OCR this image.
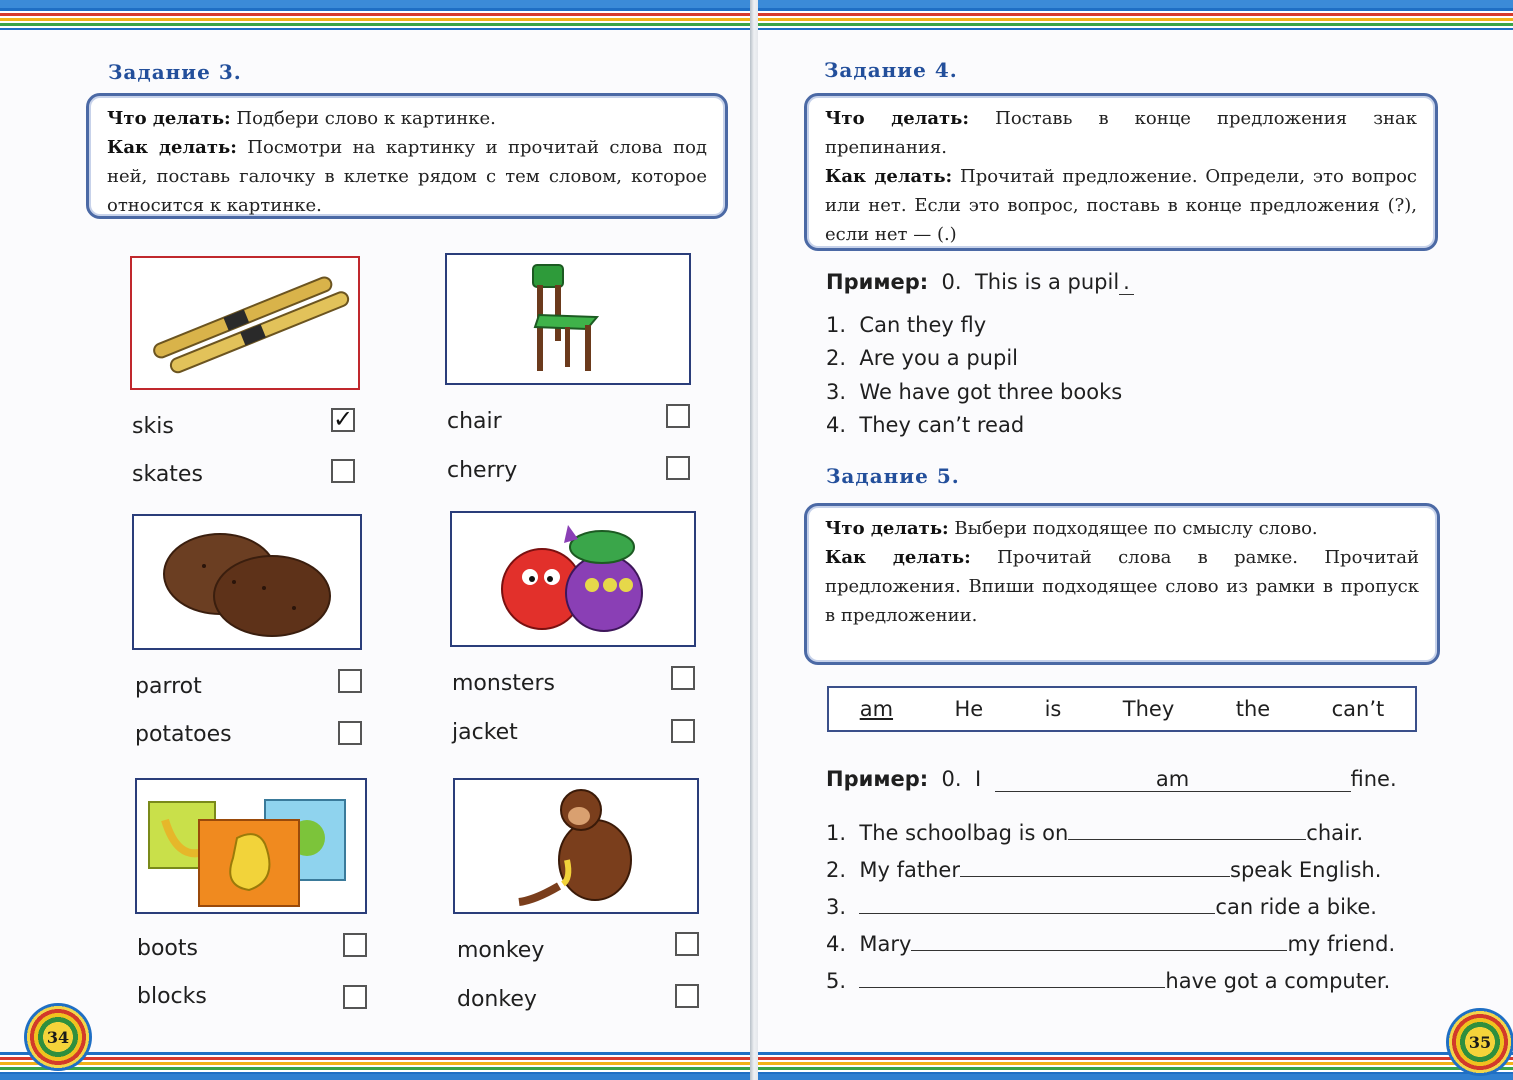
Задание 3.
Что делать: Подбери слово к картинке.
Как делать: Посмотри на картинку и прочитай слова под ней, поставь галочку в клетке рядом с тем словом, которое относится к картинке.
skis	✓
skates
chair
cherry
parrot
potatoes
monsters
jacket
boots
blocks
monkey
donkey
34
Задание 4.
Что делать: Поставь в конце предложения знак препинания.
Как делать: Прочитай предложение. Определи, это вопрос или нет. Если это вопрос, поставь в конце предложения (?), если нет — (.)
Пример: 0. This is a pupil .
1. Can they fly
2. Are you a pupil
3. We have got three books
4. They can’t read
Задание 5.
Что делать: Выбери подходящее по смыслу слово.
Как делать: Прочитай слова в рамке. Прочитай предложения. Впиши подходящее слово из рамки в пропуск в предложении.
am	He	is	They	the	can’t
Пример: 0. I	am	fine.
1. The schoolbag is on	chair.
2. My father	speak English.
3.	can ride a bike.
4. Mary	my friend.
5.	have got a computer.
35
